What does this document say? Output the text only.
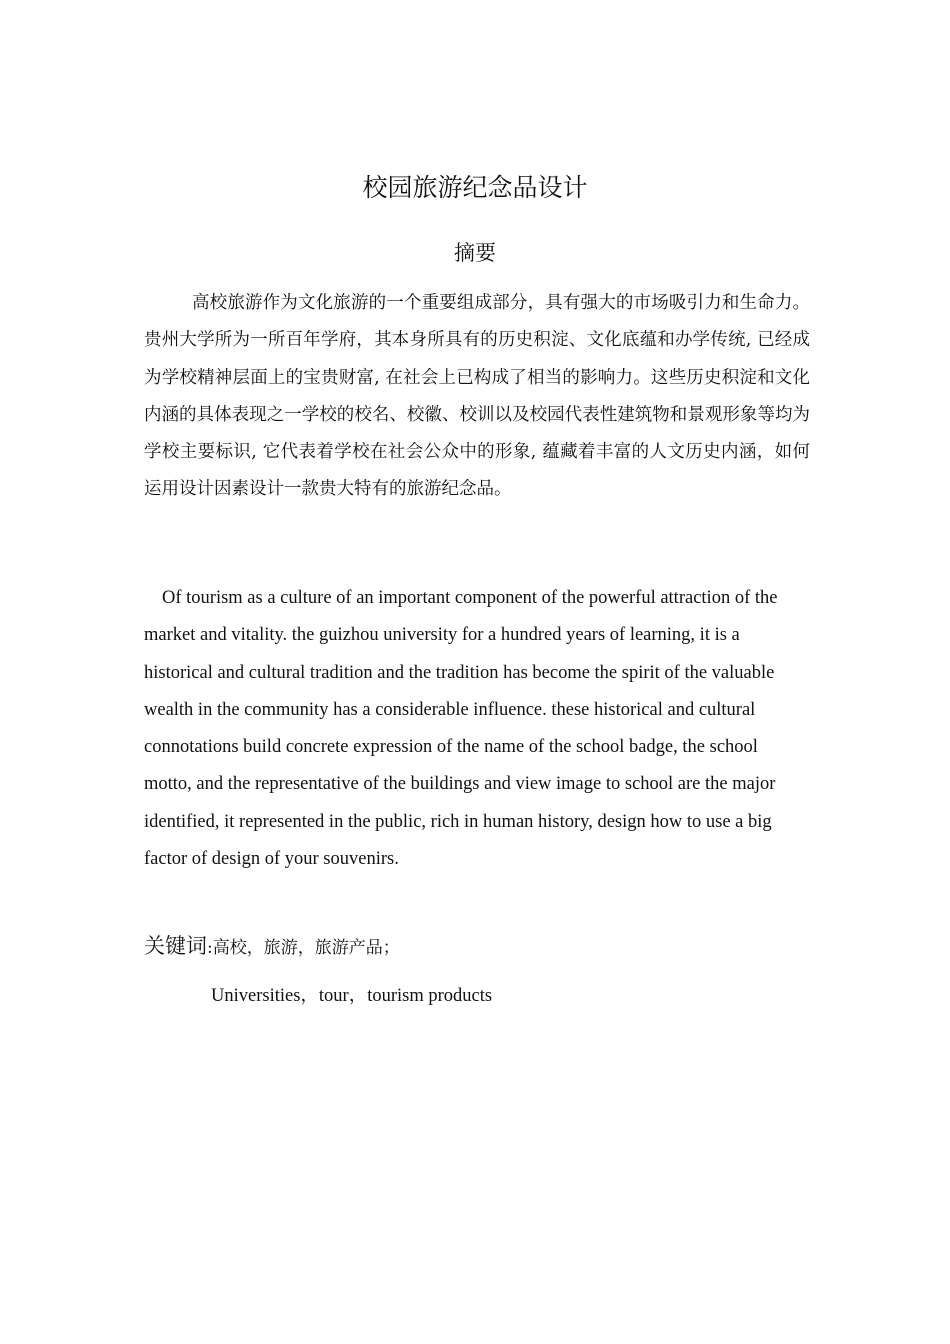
校园旅游纪念品设计
摘要

高校旅游作为文化旅游的一个重要组成部分，具有强大的市场吸引力和生命力。贵州大学所为一所百年学府，其本身所具有的历史积淀、文化底蕴和办学传统, 已经成为学校精神层面上的宝贵财富, 在社会上已构成了相当的影响力。这些历史积淀和文化内涵的具体表现之一学校的校名、校徽、校训以及校园代表性建筑物和景观形象等均为学校主要标识, 它代表着学校在社会公众中的形象, 蕴藏着丰富的人文历史内涵，如何运用设计因素设计一款贵大特有的旅游纪念品。

Of tourism as a culture of an important component of the powerful attraction of the market and vitality. the guizhou university for a hundred years of learning, it is a historical and cultural tradition and the tradition has become the spirit of the valuable wealth in the community has a considerable influence. these historical and cultural connotations build concrete expression of the name of the school badge, the school motto, and the representative of the buildings and view image to school are the major identified, it represented in the public, rich in human history, design how to use a big factor of design of your souvenirs.

关键词:高校，旅游，旅游产品；

Universities，tour，tourism products
